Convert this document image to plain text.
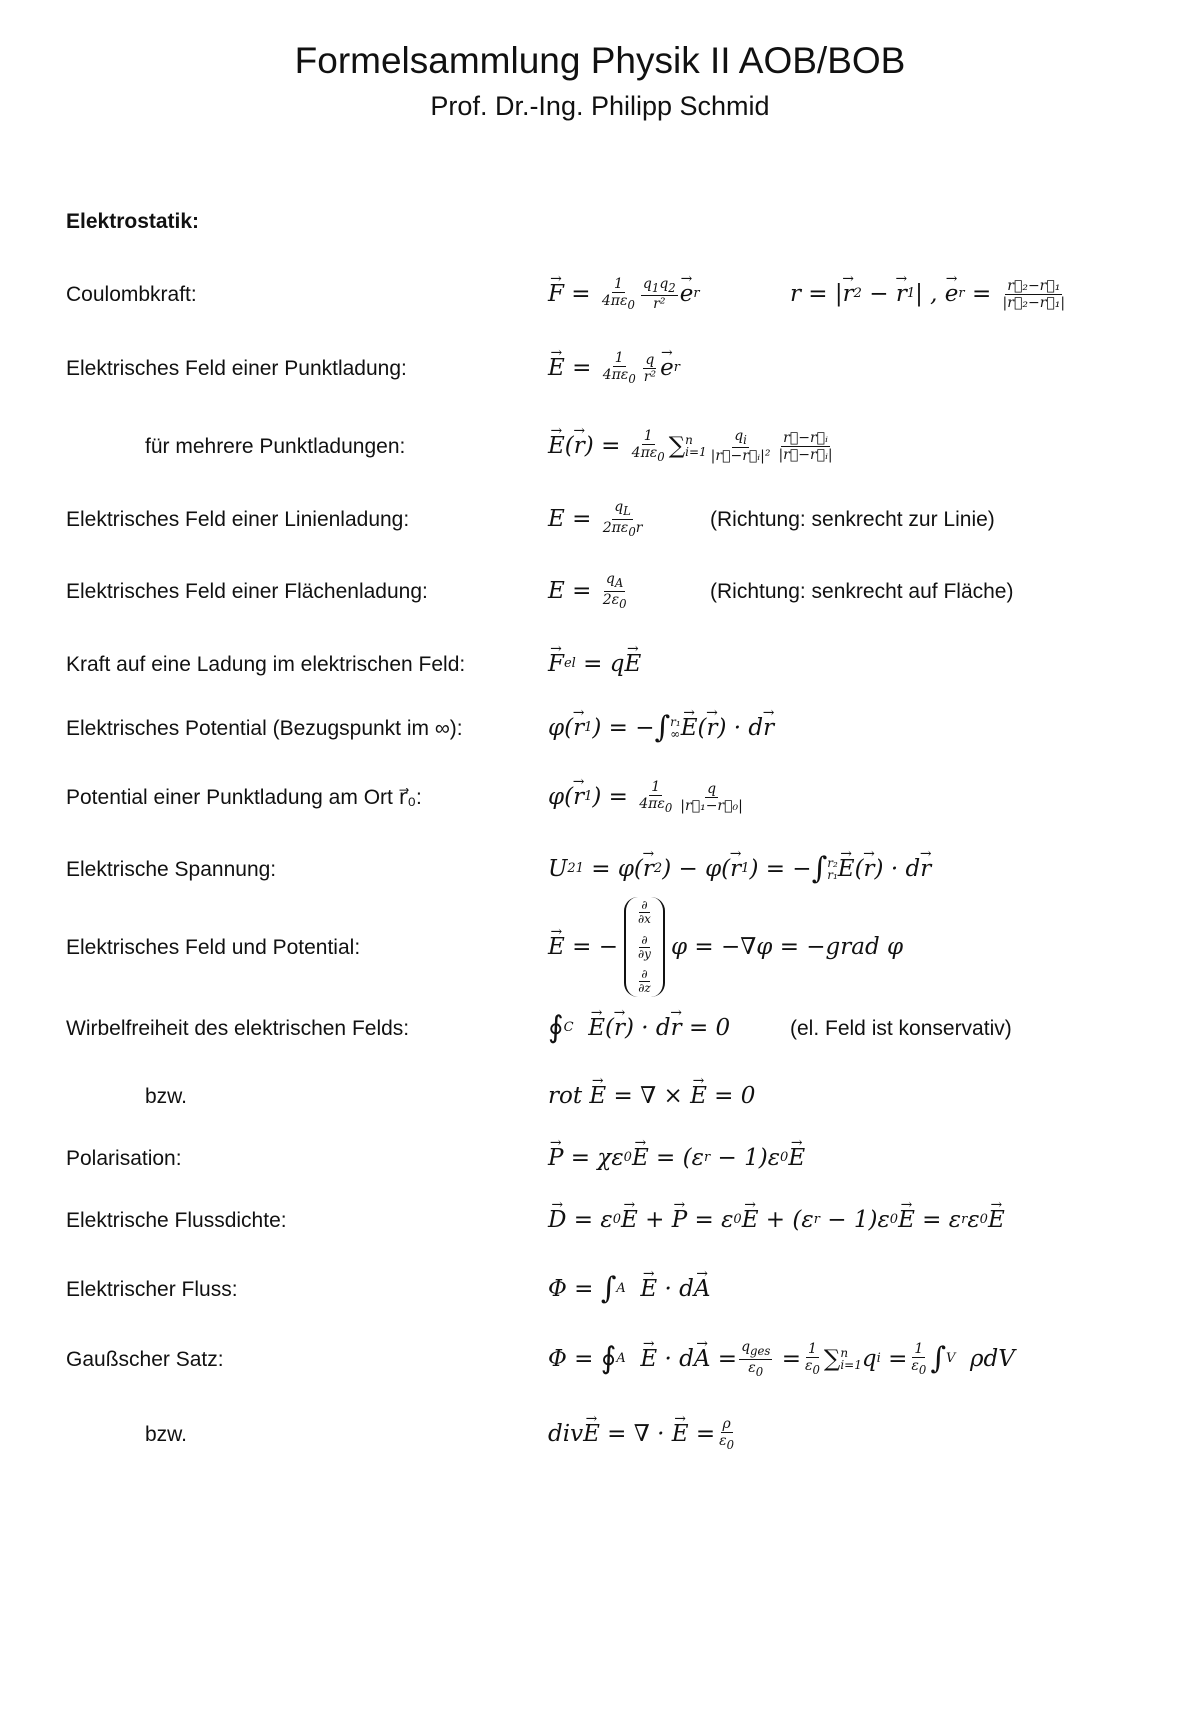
Formelsammlung Physik II AOB/BOB
Prof. Dr.-Ing. Philipp Schmid
Elektrostatik:
Coulombkraft:
→	$F = \frac{1}{4\pi\varepsilon_0} \frac{q_1q_2}{\text{r²}}$
→ e r	r = |
→ r 2 −
→ r 1 | ,
→ e $r = \frac{\text{r⃗₂−r⃗₁}}{\text{|r⃗₂−r⃗₁|}}$
Elektrisches Feld einer Punktladung:
→	$E = \frac{1}{4\pi\varepsilon_0} \frac{q}{\text{r²}}$
→ e r
für mehrere Punktladungen:
→	E (
→ r ) = $\frac{1}{4\pi\varepsilon_0}$ ∑ n
$i=1 \frac{q_i}{\text{|r⃗−r⃗ᵢ|²}} \frac{\text{r⃗−r⃗ᵢ}}{\text{|r⃗−r⃗ᵢ|}}$
Elektrisches Feld einer Linienladung:	$E = \frac{q_L}{2\pi\varepsilon_0r}$	(Richtung: senkrecht zur Linie)
Elektrisches Feld einer Flächenladung:	$E = \frac{q_A}{2\varepsilon_0}$	(Richtung: senkrecht auf Fläche)
Kraft auf eine Ladung im elektrischen Feld:
→	F el = q
→ E
Elektrisches Potential (Bezugspunkt im ∞):	φ(
→ r 1 ) = − ∫ r₁
∞
→ E (
→ r ) · d
→ r
Potential einer Punktladung am Ort r⃗₀:	φ(
→ r 1 ) = $\frac{1}{4\pi\varepsilon_0} \frac{q}{\text{|r⃗₁−r⃗₀|}}$
Elektrische Spannung:	U 21 = φ(
→ r 2 ) − φ(
→ r 1 ) = − ∫ r₂
r₁
→ E (
→ r ) · d
→ r
Elektrisches Feld und Potential:
→	E = −
$\frac{\partial}{\partial x}$
$\frac{\partial}{\partial y}$
$\frac{\partial}{\partial z}$
φ = −∇φ = −grad φ
Wirbelfreiheit des elektrischen Felds:	∮ C

→ E (
→ r ) · d
→ r = 0	(el. Feld ist konservativ)
bzw.	rot
→ E = ∇ ×
→ E = 0
Polarisation:
→	P = χε 0
→ E = (ε r − 1)ε 0
→ E
Elektrische Flussdichte:
→	D = ε 0
→ E +
→ P = ε 0
→ E + (ε r − 1)ε 0
→ E = ε r ε 0
→ E
Elektrischer Fluss:	Φ = ∫ A

→ E · d
→ A
Gaußscher Satz:	Φ = ∮ A

→ E · d
→ $A = \frac{q_{ges}}{\varepsilon_0} = \frac{1}{\varepsilon_0}$ ∑ n
i=1 q $i = \frac{1}{\varepsilon_0}$ ∫ V ρdV
bzw.	div
→ E = ∇ ·
→ $E = \frac{\rho}{\varepsilon_0}$
